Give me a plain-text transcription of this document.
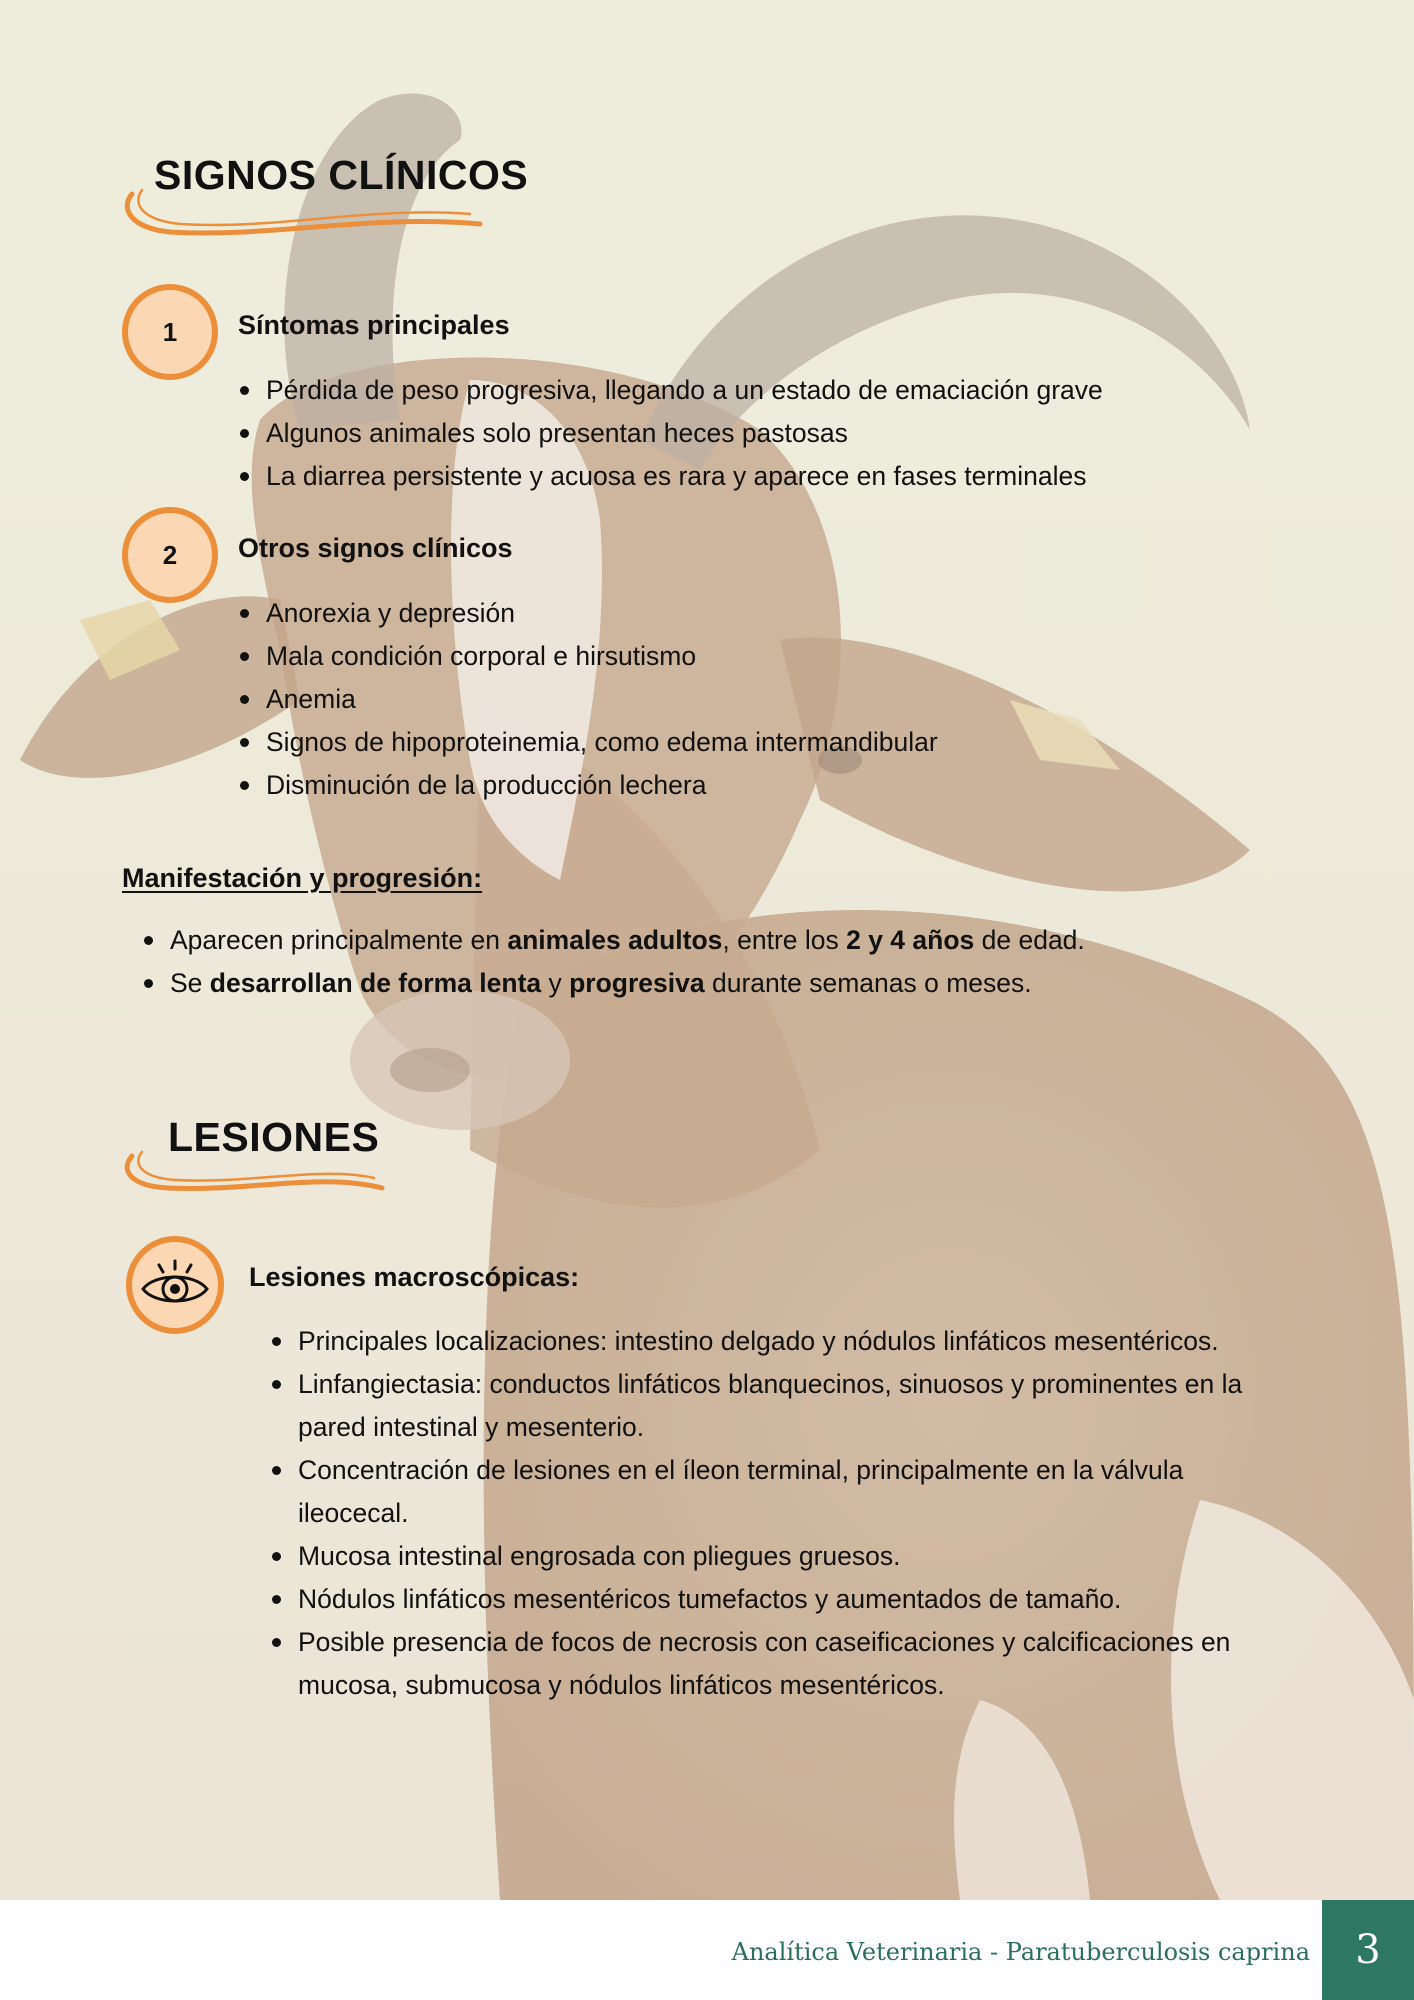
SIGNOS CLÍNICOS
1	Síntomas principales
Pérdida de peso progresiva, llegando a un estado de emaciación grave
Algunos animales solo presentan heces pastosas
La diarrea persistente y acuosa es rara y aparece en fases terminales
2	Otros signos clínicos
Anorexia y depresión
Mala condición corporal e hirsutismo
Anemia
Signos de hipoproteinemia, como edema intermandibular
Disminución de la producción lechera
Manifestación y progresión:
Aparecen principalmente en animales adultos, entre los 2 y 4 años de edad.
Se desarrollan de forma lenta y progresiva durante semanas o meses.
LESIONES
Lesiones macroscópicas:
Principales localizaciones: intestino delgado y nódulos linfáticos mesentéricos.
Linfangiectasia: conductos linfáticos blanquecinos, sinuosos y prominentes en la pared intestinal y mesenterio.
Concentración de lesiones en el íleon terminal, principalmente en la válvula ileocecal.
Mucosa intestinal engrosada con pliegues gruesos.
Nódulos linfáticos mesentéricos tumefactos y aumentados de tamaño.
Posible presencia de focos de necrosis con caseificaciones y calcificaciones en mucosa, submucosa y nódulos linfáticos mesentéricos.
Analítica Veterinaria - Paratuberculosis caprina	3
